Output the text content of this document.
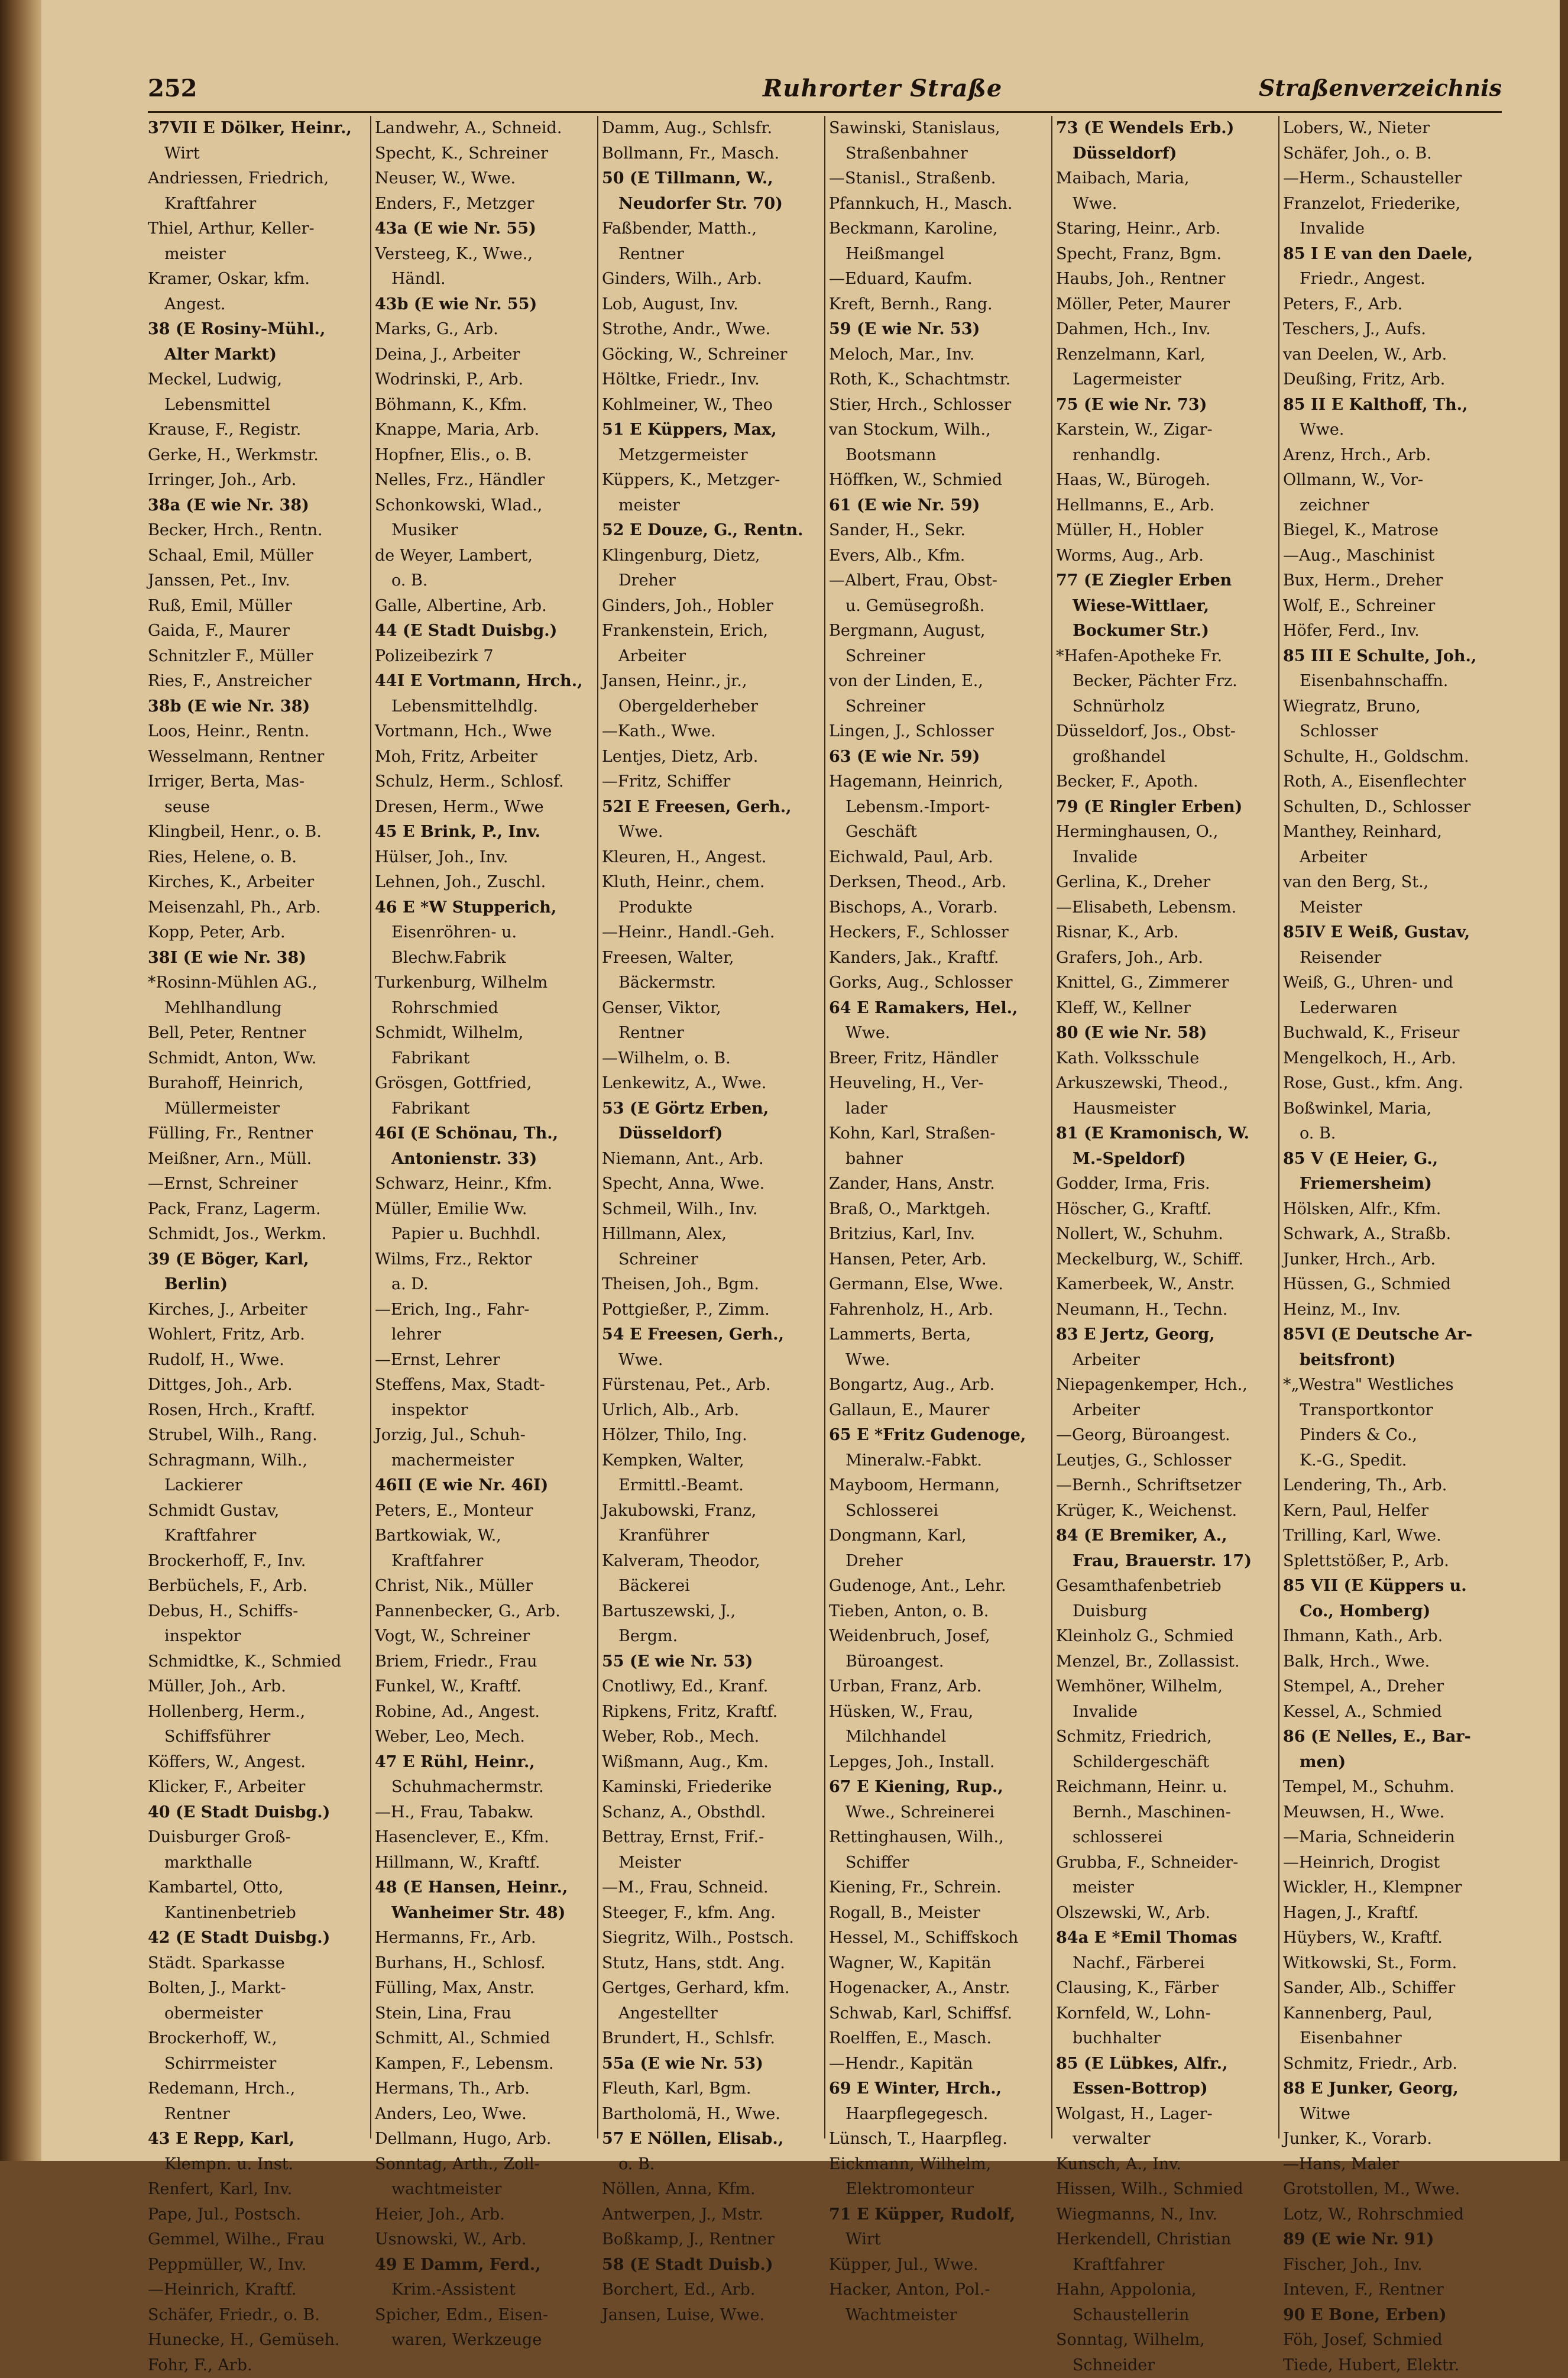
252	Ruhrorter Straße	Straßenverzeichnis
37VII E Dölker, Heinr.,
Wirt
Andriessen, Friedrich,
Kraftfahrer
Thiel, Arthur, Keller-
meister
Kramer, Oskar, kfm.
Angest.
38 (E Rosiny-Mühl.,
Alter Markt)
Meckel, Ludwig,
Lebensmittel
Krause, F., Registr.
Gerke, H., Werkmstr.
Irringer, Joh., Arb.
38a (E wie Nr. 38)
Becker, Hrch., Rentn.
Schaal, Emil, Müller
Janssen, Pet., Inv.
Ruß, Emil, Müller
Gaida, F., Maurer
Schnitzler F., Müller
Ries, F., Anstreicher
38b (E wie Nr. 38)
Loos, Heinr., Rentn.
Wesselmann, Rentner
Irriger, Berta, Mas-
seuse
Klingbeil, Henr., o. B.
Ries, Helene, o. B.
Kirches, K., Arbeiter
Meisenzahl, Ph., Arb.
Kopp, Peter, Arb.
38I (E wie Nr. 38)
*Rosinn-Mühlen AG.,
Mehlhandlung
Bell, Peter, Rentner
Schmidt, Anton, Ww.
Burahoff, Heinrich,
Müllermeister
Fülling, Fr., Rentner
Meißner, Arn., Müll.
—Ernst, Schreiner
Pack, Franz, Lagerm.
Schmidt, Jos., Werkm.
39 (E Böger, Karl,
Berlin)
Kirches, J., Arbeiter
Wohlert, Fritz, Arb.
Rudolf, H., Wwe.
Dittges, Joh., Arb.
Rosen, Hrch., Kraftf.
Strubel, Wilh., Rang.
Schragmann, Wilh.,
Lackierer
Schmidt Gustav,
Kraftfahrer
Brockerhoff, F., Inv.
Berbüchels, F., Arb.
Debus, H., Schiffs-
inspektor
Schmidtke, K., Schmied
Müller, Joh., Arb.
Hollenberg, Herm.,
Schiffsführer
Köffers, W., Angest.
Klicker, F., Arbeiter
40 (E Stadt Duisbg.)
Duisburger Groß-
markthalle
Kambartel, Otto,
Kantinenbetrieb
42 (E Stadt Duisbg.)
Städt. Sparkasse
Bolten, J., Markt-
obermeister
Brockerhoff, W.,
Schirrmeister
Redemann, Hrch.,
Rentner
43 E Repp, Karl,
Klempn. u. Inst.
Renfert, Karl, Inv.
Pape, Jul., Postsch.
Gemmel, Wilhe., Frau
Peppmüller, W., Inv.
—Heinrich, Kraftf.
Schäfer, Friedr., o. B.
Hunecke, H., Gemüseh.
Fohr, F., Arb.
Landwehr, A., Schneid.
Specht, K., Schreiner
Neuser, W., Wwe.
Enders, F., Metzger
43a (E wie Nr. 55)
Versteeg, K., Wwe.,
Händl.
43b (E wie Nr. 55)
Marks, G., Arb.
Deina, J., Arbeiter
Wodrinski, P., Arb.
Böhmann, K., Kfm.
Knappe, Maria, Arb.
Hopfner, Elis., o. B.
Nelles, Frz., Händler
Schonkowski, Wlad.,
Musiker
de Weyer, Lambert,
o. B.
Galle, Albertine, Arb.
44 (E Stadt Duisbg.)
Polizeibezirk 7
44I E Vortmann, Hrch.,
Lebensmittelhdlg.
Vortmann, Hch., Wwe
Moh, Fritz, Arbeiter
Schulz, Herm., Schlosf.
Dresen, Herm., Wwe
45 E Brink, P., Inv.
Hülser, Joh., Inv.
Lehnen, Joh., Zuschl.
46 E *W Stupperich,
Eisenröhren- u.
Blechw.Fabrik
Turkenburg, Wilhelm
Rohrschmied
Schmidt, Wilhelm,
Fabrikant
Grösgen, Gottfried,
Fabrikant
46I (E Schönau, Th.,
Antonienstr. 33)
Schwarz, Heinr., Kfm.
Müller, Emilie Ww.
Papier u. Buchhdl.
Wilms, Frz., Rektor
a. D.
—Erich, Ing., Fahr-
lehrer
—Ernst, Lehrer
Steffens, Max, Stadt-
inspektor
Jorzig, Jul., Schuh-
machermeister
46II (E wie Nr. 46I)
Peters, E., Monteur
Bartkowiak, W.,
Kraftfahrer
Christ, Nik., Müller
Pannenbecker, G., Arb.
Vogt, W., Schreiner
Briem, Friedr., Frau
Funkel, W., Kraftf.
Robine, Ad., Angest.
Weber, Leo, Mech.
47 E Rühl, Heinr.,
Schuhmachermstr.
—H., Frau, Tabakw.
Hasenclever, E., Kfm.
Hillmann, W., Kraftf.
48 (E Hansen, Heinr.,
Wanheimer Str. 48)
Hermanns, Fr., Arb.
Burhans, H., Schlosf.
Fülling, Max, Anstr.
Stein, Lina, Frau
Schmitt, Al., Schmied
Kampen, F., Lebensm.
Hermans, Th., Arb.
Anders, Leo, Wwe.
Dellmann, Hugo, Arb.
Sonntag, Arth., Zoll-
wachtmeister
Heier, Joh., Arb.
Usnowski, W., Arb.
49 E Damm, Ferd.,
Krim.-Assistent
Spicher, Edm., Eisen-
waren, Werkzeuge
Damm, Aug., Schlsfr.
Bollmann, Fr., Masch.
50 (E Tillmann, W.,
Neudorfer Str. 70)
Faßbender, Matth.,
Rentner
Ginders, Wilh., Arb.
Lob, August, Inv.
Strothe, Andr., Wwe.
Göcking, W., Schreiner
Höltke, Friedr., Inv.
Kohlmeiner, W., Theo
51 E Küppers, Max,
Metzgermeister
Küppers, K., Metzger-
meister
52 E Douze, G., Rentn.
Klingenburg, Dietz,
Dreher
Ginders, Joh., Hobler
Frankenstein, Erich,
Arbeiter
Jansen, Heinr., jr.,
Obergelderheber
—Kath., Wwe.
Lentjes, Dietz, Arb.
—Fritz, Schiffer
52I E Freesen, Gerh.,
Wwe.
Kleuren, H., Angest.
Kluth, Heinr., chem.
Produkte
—Heinr., Handl.-Geh.
Freesen, Walter,
Bäckermstr.
Genser, Viktor,
Rentner
—Wilhelm, o. B.
Lenkewitz, A., Wwe.
53 (E Görtz Erben,
Düsseldorf)
Niemann, Ant., Arb.
Specht, Anna, Wwe.
Schmeil, Wilh., Inv.
Hillmann, Alex,
Schreiner
Theisen, Joh., Bgm.
Pottgießer, P., Zimm.
54 E Freesen, Gerh.,
Wwe.
Fürstenau, Pet., Arb.
Urlich, Alb., Arb.
Hölzer, Thilo, Ing.
Kempken, Walter,
Ermittl.-Beamt.
Jakubowski, Franz,
Kranführer
Kalveram, Theodor,
Bäckerei
Bartuszewski, J.,
Bergm.
55 (E wie Nr. 53)
Cnotliwy, Ed., Kranf.
Ripkens, Fritz, Kraftf.
Weber, Rob., Mech.
Wißmann, Aug., Km.
Kaminski, Friederike
Schanz, A., Obsthdl.
Bettray, Ernst, Frif.-
Meister
—M., Frau, Schneid.
Steeger, F., kfm. Ang.
Siegritz, Wilh., Postsch.
Stutz, Hans, stdt. Ang.
Gertges, Gerhard, kfm.
Angestellter
Brundert, H., Schlsfr.
55a (E wie Nr. 53)
Fleuth, Karl, Bgm.
Bartholomä, H., Wwe.
57 E Nöllen, Elisab.,
o. B.
Nöllen, Anna, Kfm.
Antwerpen, J., Mstr.
Boßkamp, J., Rentner
58 (E Stadt Duisb.)
Borchert, Ed., Arb.
Jansen, Luise, Wwe.
Sawinski, Stanislaus,
Straßenbahner
—Stanisl., Straßenb.
Pfannkuch, H., Masch.
Beckmann, Karoline,
Heißmangel
—Eduard, Kaufm.
Kreft, Bernh., Rang.
59 (E wie Nr. 53)
Meloch, Mar., Inv.
Roth, K., Schachtmstr.
Stier, Hrch., Schlosser
van Stockum, Wilh.,
Bootsmann
Höffken, W., Schmied
61 (E wie Nr. 59)
Sander, H., Sekr.
Evers, Alb., Kfm.
—Albert, Frau, Obst-
u. Gemüsegroßh.
Bergmann, August,
Schreiner
von der Linden, E.,
Schreiner
Lingen, J., Schlosser
63 (E wie Nr. 59)
Hagemann, Heinrich,
Lebensm.-Import-
Geschäft
Eichwald, Paul, Arb.
Derksen, Theod., Arb.
Bischops, A., Vorarb.
Heckers, F., Schlosser
Kanders, Jak., Kraftf.
Gorks, Aug., Schlosser
64 E Ramakers, Hel.,
Wwe.
Breer, Fritz, Händler
Heuveling, H., Ver-
lader
Kohn, Karl, Straßen-
bahner
Zander, Hans, Anstr.
Braß, O., Marktgeh.
Britzius, Karl, Inv.
Hansen, Peter, Arb.
Germann, Else, Wwe.
Fahrenholz, H., Arb.
Lammerts, Berta,
Wwe.
Bongartz, Aug., Arb.
Gallaun, E., Maurer
65 E *Fritz Gudenoge,
Mineralw.-Fabkt.
Mayboom, Hermann,
Schlosserei
Dongmann, Karl,
Dreher
Gudenoge, Ant., Lehr.
Tieben, Anton, o. B.
Weidenbruch, Josef,
Büroangest.
Urban, Franz, Arb.
Hüsken, W., Frau,
Milchhandel
Lepges, Joh., Install.
67 E Kiening, Rup.,
Wwe., Schreinerei
Rettinghausen, Wilh.,
Schiffer
Kiening, Fr., Schrein.
Rogall, B., Meister
Hessel, M., Schiffskoch
Wagner, W., Kapitän
Hogenacker, A., Anstr.
Schwab, Karl, Schiffsf.
Roelffen, E., Masch.
—Hendr., Kapitän
69 E Winter, Hrch.,
Haarpflegegesch.
Lünsch, T., Haarpfleg.
Eickmann, Wilhelm,
Elektromonteur
71 E Küpper, Rudolf,
Wirt
Küpper, Jul., Wwe.
Hacker, Anton, Pol.-
Wachtmeister
73 (E Wendels Erb.)
Düsseldorf)
Maibach, Maria,
Wwe.
Staring, Heinr., Arb.
Specht, Franz, Bgm.
Haubs, Joh., Rentner
Möller, Peter, Maurer
Dahmen, Hch., Inv.
Renzelmann, Karl,
Lagermeister
75 (E wie Nr. 73)
Karstein, W., Zigar-
renhandlg.
Haas, W., Bürogeh.
Hellmanns, E., Arb.
Müller, H., Hobler
Worms, Aug., Arb.
77 (E Ziegler Erben
Wiese-Wittlaer,
Bockumer Str.)
*Hafen-Apotheke Fr.
Becker, Pächter Frz.
Schnürholz
Düsseldorf, Jos., Obst-
großhandel
Becker, F., Apoth.
79 (E Ringler Erben)
Herminghausen, O.,
Invalide
Gerlina, K., Dreher
—Elisabeth, Lebensm.
Risnar, K., Arb.
Grafers, Joh., Arb.
Knittel, G., Zimmerer
Kleff, W., Kellner
80 (E wie Nr. 58)
Kath. Volksschule
Arkuszewski, Theod.,
Hausmeister
81 (E Kramonisch, W.
M.-Speldorf)
Godder, Irma, Fris.
Höscher, G., Kraftf.
Nollert, W., Schuhm.
Meckelburg, W., Schiff.
Kamerbeek, W., Anstr.
Neumann, H., Techn.
83 E Jertz, Georg,
Arbeiter
Niepagenkemper, Hch.,
Arbeiter
—Georg, Büroangest.
Leutjes, G., Schlosser
—Bernh., Schriftsetzer
Krüger, K., Weichenst.
84 (E Bremiker, A.,
Frau, Brauerstr. 17)
Gesamthafenbetrieb
Duisburg
Kleinholz G., Schmied
Menzel, Br., Zollassist.
Wemhöner, Wilhelm,
Invalide
Schmitz, Friedrich,
Schildergeschäft
Reichmann, Heinr. u.
Bernh., Maschinen-
schlosserei
Grubba, F., Schneider-
meister
Olszewski, W., Arb.
84a E *Emil Thomas
Nachf., Färberei
Clausing, K., Färber
Kornfeld, W., Lohn-
buchhalter
85 (E Lübkes, Alfr.,
Essen-Bottrop)
Wolgast, H., Lager-
verwalter
Kunsch, A., Inv.
Hissen, Wilh., Schmied
Wiegmanns, N., Inv.
Herkendell, Christian
Kraftfahrer
Hahn, Appolonia,
Schaustellerin
Sonntag, Wilhelm,
Schneider
Lobers, W., Nieter
Schäfer, Joh., o. B.
—Herm., Schausteller
Franzelot, Friederike,
Invalide
85 I E van den Daele,
Friedr., Angest.
Peters, F., Arb.
Teschers, J., Aufs.
van Deelen, W., Arb.
Deußing, Fritz, Arb.
85 II E Kalthoff, Th.,
Wwe.
Arenz, Hrch., Arb.
Ollmann, W., Vor-
zeichner
Biegel, K., Matrose
—Aug., Maschinist
Bux, Herm., Dreher
Wolf, E., Schreiner
Höfer, Ferd., Inv.
85 III E Schulte, Joh.,
Eisenbahnschaffn.
Wiegratz, Bruno,
Schlosser
Schulte, H., Goldschm.
Roth, A., Eisenflechter
Schulten, D., Schlosser
Manthey, Reinhard,
Arbeiter
van den Berg, St.,
Meister
85IV E Weiß, Gustav,
Reisender
Weiß, G., Uhren- und
Lederwaren
Buchwald, K., Friseur
Mengelkoch, H., Arb.
Rose, Gust., kfm. Ang.
Boßwinkel, Maria,
o. B.
85 V (E Heier, G.,
Friemersheim)
Hölsken, Alfr., Kfm.
Schwark, A., Straßb.
Junker, Hrch., Arb.
Hüssen, G., Schmied
Heinz, M., Inv.
85VI (E Deutsche Ar-
beitsfront)
*„Westra" Westliches
Transportkontor
Pinders & Co.,
K.-G., Spedit.
Lendering, Th., Arb.
Kern, Paul, Helfer
Trilling, Karl, Wwe.
Splettstößer, P., Arb.
85 VII (E Küppers u.
Co., Homberg)
Ihmann, Kath., Arb.
Balk, Hrch., Wwe.
Stempel, A., Dreher
Kessel, A., Schmied
86 (E Nelles, E., Bar-
men)
Tempel, M., Schuhm.
Meuwsen, H., Wwe.
—Maria, Schneiderin
—Heinrich, Drogist
Wickler, H., Klempner
Hagen, J., Kraftf.
Hüybers, W., Kraftf.
Witkowski, St., Form.
Sander, Alb., Schiffer
Kannenberg, Paul,
Eisenbahner
Schmitz, Friedr., Arb.
88 E Junker, Georg,
Witwe
Junker, K., Vorarb.
—Hans, Maler
Grotstollen, M., Wwe.
Lotz, W., Rohrschmied
89 (E wie Nr. 91)
Fischer, Joh., Inv.
Inteven, F., Rentner
90 E Bone, Erben)
Föh, Josef, Schmied
Tiede, Hubert, Elektr.
